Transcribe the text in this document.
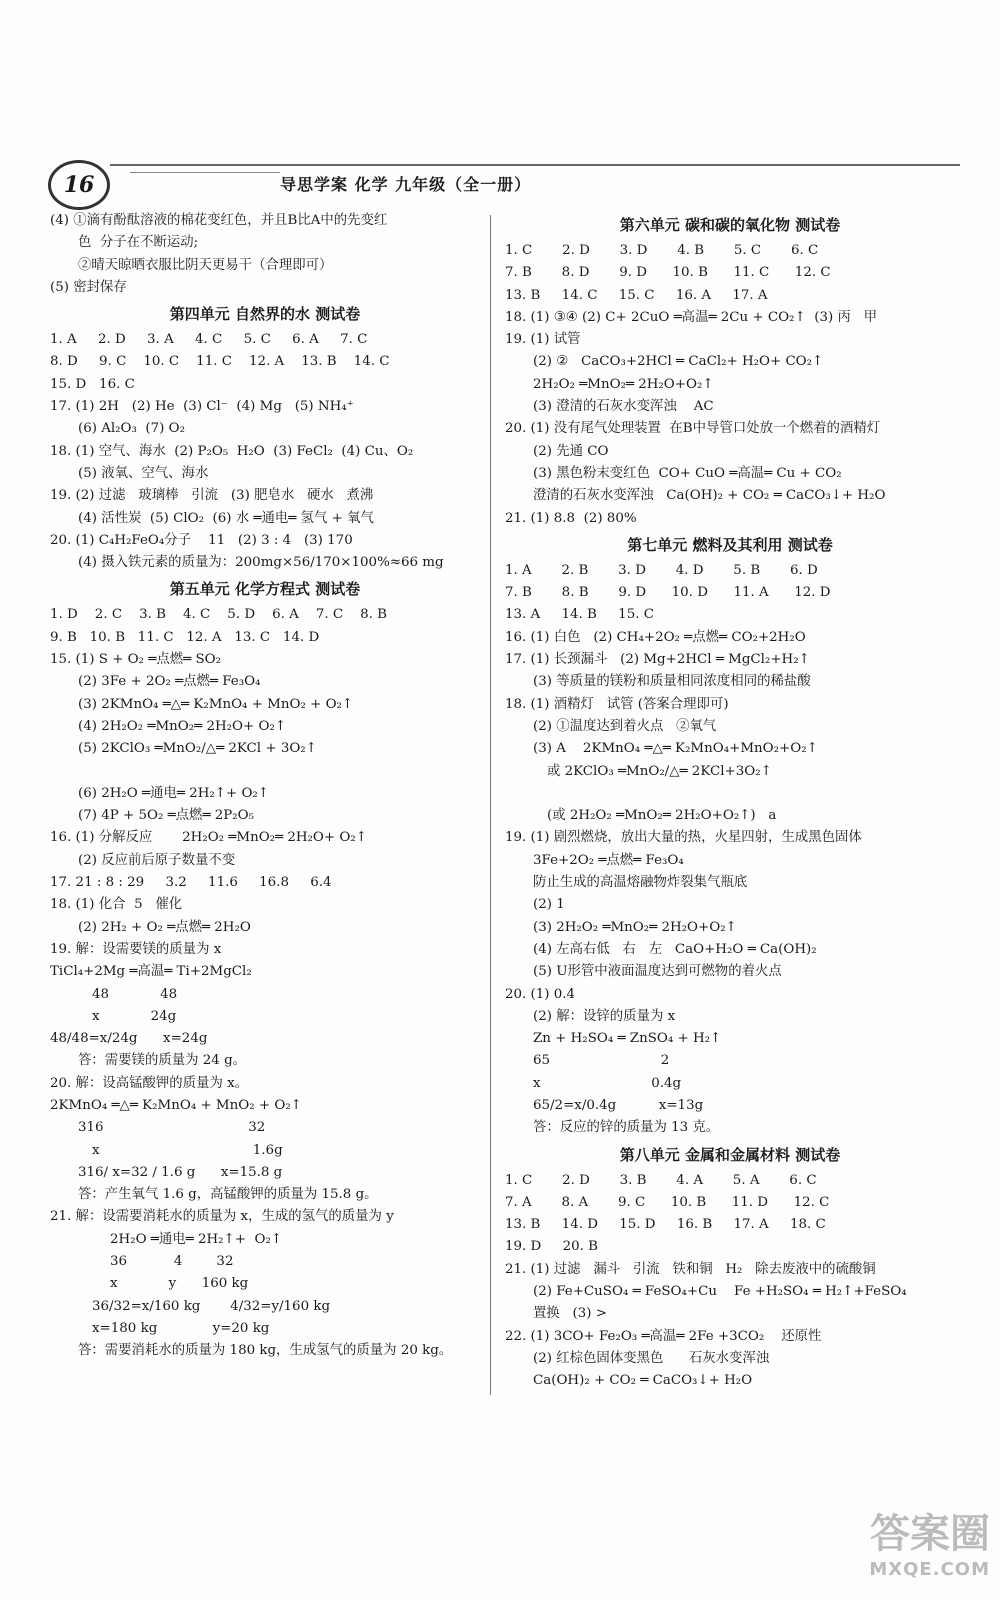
16	导思学案 化学 九年级（全一册）
(4) ①滴有酚酞溶液的棉花变红色，并且B比A中的先变红
色  分子在不断运动;
②晴天晾晒衣服比阴天更易干（合理即可）
(5) 密封保存
第四单元 自然界的水 测试卷
1. A     2. D     3. A     4. C     5. C     6. A     7. C
8. D     9. C    10. C    11. C    12. A    13. B    14. C
15. D   16. C
17. (1) 2H   (2) He  (3) Cl⁻  (4) Mg   (5) NH₄⁺
(6) Al₂O₃  (7) O₂
18. (1) 空气、海水  (2) P₂O₅  H₂O  (3) FeCl₂  (4) Cu、O₂
(5) 液氧、空气、海水
19. (2) 过滤   玻璃棒   引流   (3) 肥皂水   硬水   煮沸
(4) 活性炭  (5) ClO₂  (6) 水 ═通电═ 氢气 + 氧气
20. (1) C₄H₂FeO₄分子    11   (2) 3 : 4   (3) 170
(4) 摄入铁元素的质量为：200mg×56/170×100%≈66 mg
第五单元 化学方程式 测试卷
1. D    2. C    3. B    4. C    5. D    6. A    7. C    8. B
9. B   10. B   11. C   12. A   13. C   14. D
15. (1) S + O₂ ═点燃═ SO₂
(2) 3Fe + 2O₂ ═点燃═ Fe₃O₄
(3) 2KMnO₄ ═△═ K₂MnO₄ + MnO₂ + O₂↑
(4) 2H₂O₂ ═MnO₂═ 2H₂O+ O₂↑
(5) 2KClO₃ ═MnO₂/△═ 2KCl + 3O₂↑
(6) 2H₂O ═通电═ 2H₂↑+ O₂↑
(7) 4P + 5O₂ ═点燃═ 2P₂O₅
16. (1) 分解反应       2H₂O₂ ═MnO₂═ 2H₂O+ O₂↑
(2) 反应前后原子数量不变
17. 21 : 8 : 29     3.2     11.6     16.8     6.4
18. (1) 化合  5   催化
(2) 2H₂ + O₂ ═点燃═ 2H₂O
19. 解：设需要镁的质量为 x
TiCl₄+2Mg ═高温═ Ti+2MgCl₂
48            48
x            24g
48/48=x/24g      x=24g
答：需要镁的质量为 24 g。
20. 解：设高锰酸钾的质量为 x。
2KMnO₄ ═△═ K₂MnO₄ + MnO₂ + O₂↑
316                                  32
x                                    1.6g
316/ x=32 / 1.6 g      x=15.8 g
答：产生氧气 1.6 g，高锰酸钾的质量为 15.8 g。
21. 解：设需要消耗水的质量为 x，生成的氢气的质量为 y
2H₂O ═通电═ 2H₂↑+  O₂↑
36           4        32
x            y      160 kg
36/32=x/160 kg       4/32=y/160 kg
x=180 kg             y=20 kg
答：需要消耗水的质量为 180 kg，生成氢气的质量为 20 kg。
第六单元 碳和碳的氧化物 测试卷
1. C       2. D       3. D       4. B       5. C       6. C
7. B       8. D       9. D      10. B      11. C      12. C
13. B     14. C     15. C     16. A     17. A
18. (1) ③④ (2) C+ 2CuO ═高温═ 2Cu + CO₂↑  (3) 丙   甲
19. (1) 试管
(2) ②   CaCO₃+2HCl ═ CaCl₂+ H₂O+ CO₂↑
2H₂O₂ ═MnO₂═ 2H₂O+O₂↑
(3) 澄清的石灰水变浑浊    AC
20. (1) 没有尾气处理装置  在B中导管口处放一个燃着的酒精灯
(2) 先通 CO
(3) 黑色粉末变红色  CO+ CuO ═高温═ Cu + CO₂
澄清的石灰水变浑浊   Ca(OH)₂ + CO₂ ═ CaCO₃↓+ H₂O
21. (1) 8.8  (2) 80%
第七单元 燃料及其利用 测试卷
1. A       2. B       3. D       4. D       5. B       6. D
7. B       8. B       9. D      10. D      11. A      12. D
13. A     14. B     15. C
16. (1) 白色   (2) CH₄+2O₂ ═点燃═ CO₂+2H₂O
17. (1) 长颈漏斗   (2) Mg+2HCl ═ MgCl₂+H₂↑
(3) 等质量的镁粉和质量相同浓度相同的稀盐酸
18. (1) 酒精灯   试管 (答案合理即可)
(2) ①温度达到着火点   ②氧气
(3) A    2KMnO₄ ═△═ K₂MnO₄+MnO₂+O₂↑
或 2KClO₃ ═MnO₂/△═ 2KCl+3O₂↑
(或 2H₂O₂ ═MnO₂═ 2H₂O+O₂↑)   a
19. (1) 剧烈燃烧，放出大量的热，火星四射，生成黑色固体
3Fe+2O₂ ═点燃═ Fe₃O₄
防止生成的高温熔融物炸裂集气瓶底
(2) 1
(3) 2H₂O₂ ═MnO₂═ 2H₂O+O₂↑
(4) 左高右低   右   左   CaO+H₂O ═ Ca(OH)₂
(5) U形管中液面温度达到可燃物的着火点
20. (1) 0.4
(2) 解：设锌的质量为 x
Zn + H₂SO₄ ═ ZnSO₄ + H₂↑
65                          2
x                          0.4g
65/2=x/0.4g          x=13g
答：反应的锌的质量为 13 克。
第八单元 金属和金属材料 测试卷
1. C       2. D       3. B       4. A       5. A       6. C
7. A       8. A       9. C      10. B      11. D      12. C
13. B     14. D     15. D     16. B     17. A     18. C
19. D     20. B
21. (1) 过滤   漏斗   引流   铁和铜   H₂   除去废液中的硫酸铜
(2) Fe+CuSO₄ ═ FeSO₄+Cu    Fe +H₂SO₄ ═ H₂↑+FeSO₄
置换   (3) >
22. (1) 3CO+ Fe₂O₃ ═高温═ 2Fe +3CO₂    还原性
(2) 红棕色固体变黑色      石灰水变浑浊
Ca(OH)₂ + CO₂ ═ CaCO₃↓+ H₂O
答案圈
MXQE.COM
